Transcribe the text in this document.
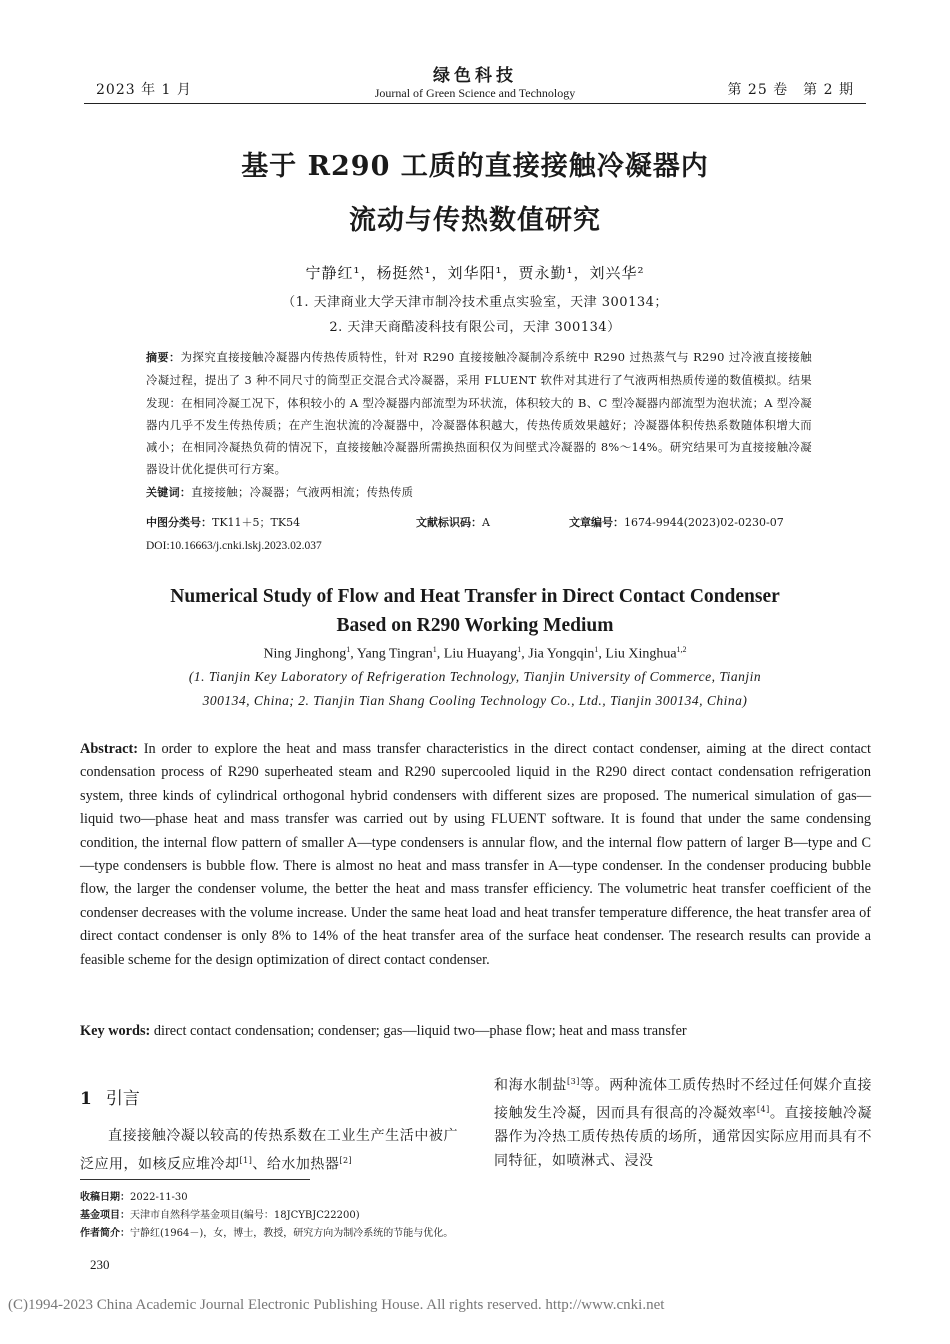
2023 年 1 月
绿色科技
Journal of Green Science and Technology	第 25 卷　第 2 期
基于 R290 工质的直接接触冷凝器内
流动与传热数值研究
宁静红¹，杨挺然¹，刘华阳¹，贾永勤¹，刘兴华²
（1. 天津商业大学天津市制冷技术重点实验室，天津 300134；
2. 天津天商酷凌科技有限公司，天津 300134）
摘要：为探究直接接触冷凝器内传热传质特性，针对 R290 直接接触冷凝制冷系统中 R290 过热蒸气与 R290 过冷液直接接触冷凝过程，提出了 3 种不同尺寸的筒型正交混合式冷凝器，采用 FLUENT 软件对其进行了气液两相热质传递的数值模拟。结果发现：在相同冷凝工况下，体积较小的 A 型冷凝器内部流型为环状流，体积较大的 B、C 型冷凝器内部流型为泡状流；A 型冷凝器内几乎不发生传热传质；在产生泡状流的冷凝器中，冷凝器体积越大，传热传质效果越好；冷凝器体积传热系数随体积增大而减小；在相同冷凝热负荷的情况下，直接接触冷凝器所需换热面积仅为间壁式冷凝器的 8%～14%。研究结果可为直接接触冷凝器设计优化提供可行方案。
关键词：直接接触；冷凝器；气液两相流；传热传质
中图分类号：TK11＋5；TK54	文献标识码：A	文章编号：1674-9944(2023)02-0230-07
DOI:10.16663/j.cnki.lskj.2023.02.037
Numerical Study of Flow and Heat Transfer in Direct Contact Condenser
Based on R290 Working Medium
Ning Jinghong$^1$, Yang Tingran$^1$, Liu Huayang$^1$, Jia Yongqin$^1$, Liu Xinghua$^{1,2}$
(1. Tianjin Key Laboratory of Refrigeration Technology, Tianjin University of Commerce, Tianjin
300134, China; 2. Tianjin Tian Shang Cooling Technology Co., Ltd., Tianjin 300134, China)
Abstract: In order to explore the heat and mass transfer characteristics in the direct contact condenser, aiming at the direct contact condensation process of R290 superheated steam and R290 supercooled liquid in the R290 direct contact condensation refrigeration system, three kinds of cylindrical orthogonal hybrid condensers with different sizes are proposed. The numerical simulation of gas—liquid two—phase heat and mass transfer was carried out by using FLUENT software. It is found that under the same condensing condition, the internal flow pattern of smaller A—type condensers is annular flow, and the internal flow pattern of larger B—type and C—type condensers is bubble flow. There is almost no heat and mass transfer in A—type condenser. In the condenser producing bubble flow, the larger the condenser volume, the better the heat and mass transfer efficiency. The volumetric heat transfer coefficient of the condenser decreases with the volume increase. Under the same heat load and heat transfer temperature difference, the heat transfer area of direct contact condenser is only 8% to 14% of the heat transfer area of the surface heat condenser. The research results can provide a feasible scheme for the design optimization of direct contact condenser.
Key words: direct contact condensation; condenser; gas—liquid two—phase flow; heat and mass transfer
1 引言
直接接触冷凝以较高的传热系数在工业生产生活中被广泛应用，如核反应堆冷却[1]、给水加热器[2]
和海水制盐[3]等。两种流体工质传热时不经过任何媒介直接接触发生冷凝，因而具有很高的冷凝效率[4]。直接接触冷凝器作为冷热工质传热传质的场所，通常因实际应用而具有不同特征，如喷淋式、浸没
收稿日期：2022-11-30
基金项目：天津市自然科学基金项目(编号：18JCYBJC22200)
作者简介：宁静红(1964－)，女，博士，教授，研究方向为制冷系统的节能与优化。
230
(C)1994-2023 China Academic Journal Electronic Publishing House. All rights reserved. http://www.cnki.net
